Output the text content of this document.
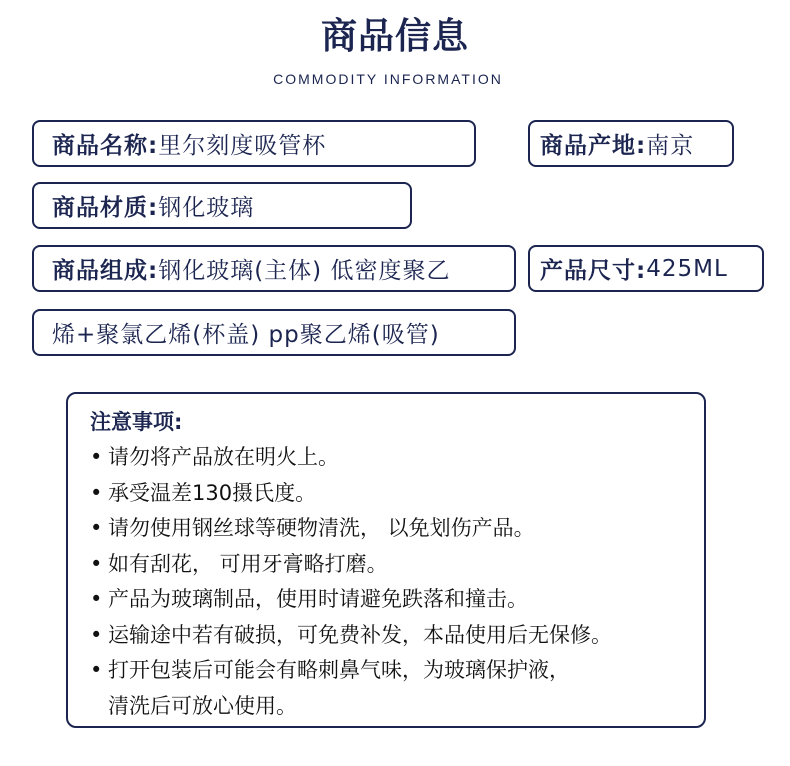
商品信息
COMMODITY INFORMATION
商品名称: 里尔刻度吸管杯	商品产地: 南京
商品材质: 钢化玻璃
商品组成: 钢化玻璃(主体) 低密度聚乙	产品尺寸: 425ML
烯+聚氯乙烯(杯盖) pp聚乙烯(吸管)
注意事项:
• 请勿将产品放在明火上。
• 承受温差130摄氏度。
• 请勿使用钢丝球等硬物清洗， 以免划伤产品。
• 如有刮花， 可用牙膏略打磨。
• 产品为玻璃制品，使用时请避免跌落和撞击。
• 运输途中若有破损，可免费补发，本品使用后无保修。
• 打开包装后可能会有略刺鼻气味，为玻璃保护液，
清洗后可放心使用。
